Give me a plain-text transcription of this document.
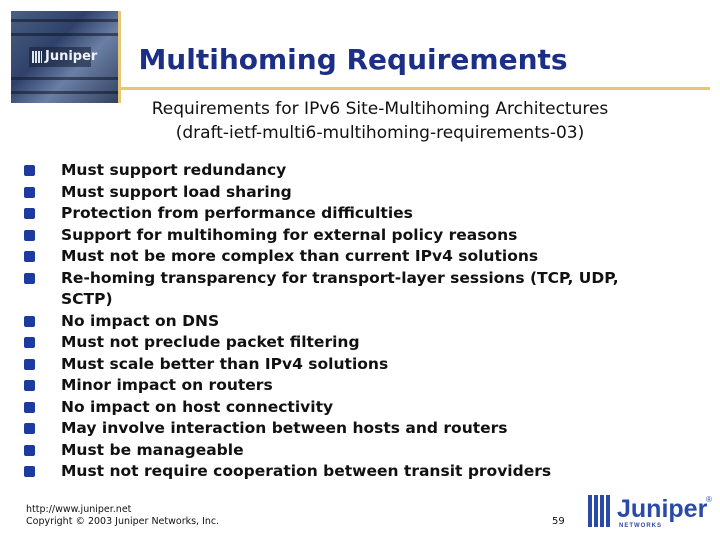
Juniper	Multihoming Requirements
Requirements for IPv6 Site-Multihoming Architectures
(draft-ietf-multi6-multihoming-requirements-03)
Must support redundancy
Must support load sharing
Protection from performance difficulties
Support for multihoming for external policy reasons
Must not be more complex than current IPv4 solutions
Re-homing transparency for transport-layer sessions (TCP, UDP, SCTP)
No impact on DNS
Must not preclude packet filtering
Must scale better than IPv4 solutions
Minor impact on routers
No impact on host connectivity
May involve interaction between hosts and routers
Must be manageable
Must not require cooperation between transit providers
http://www.juniper.net
Copyright © 2003 Juniper Networks, Inc.	59 Juniper
®
NETWORKS
